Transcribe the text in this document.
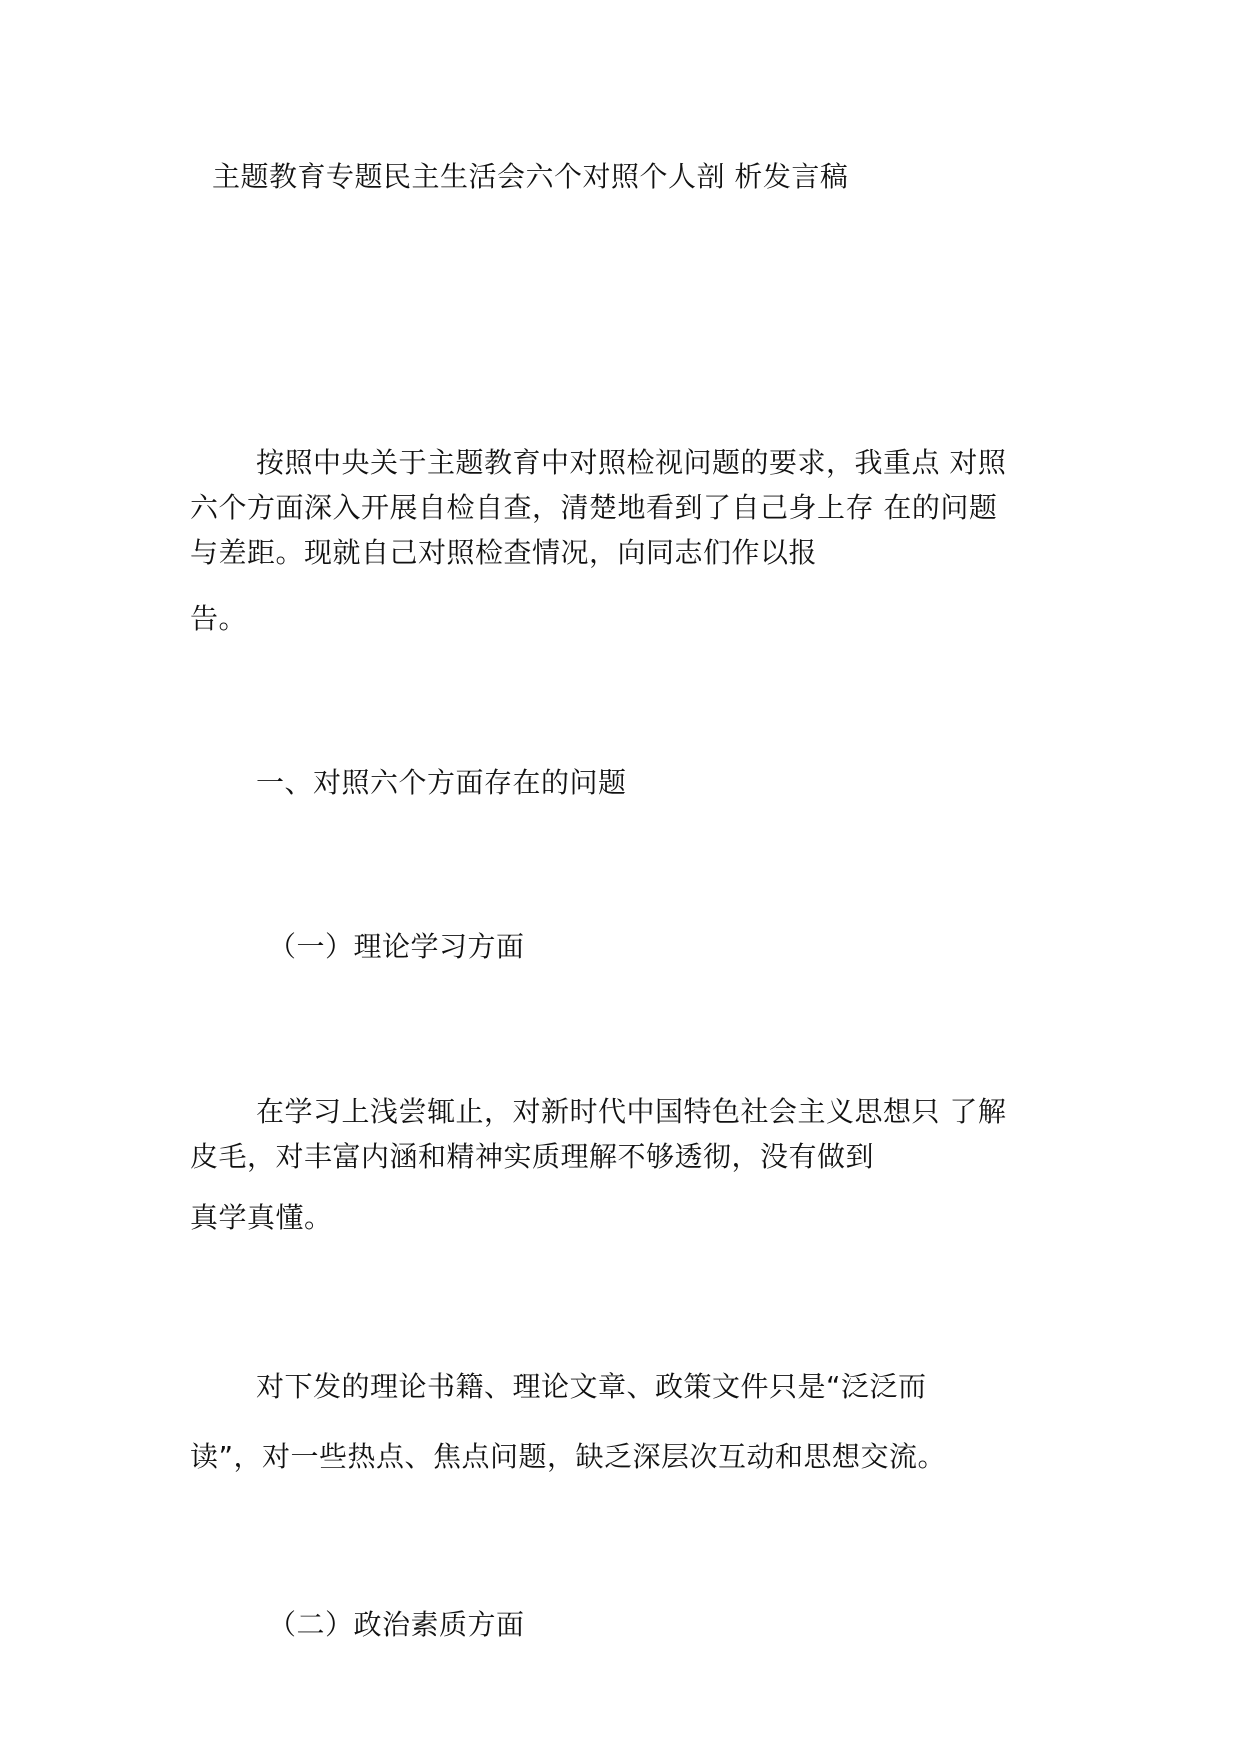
主题教育专题民主生活会六个对照个人剖 析发言稿
按照中央关于主题教育中对照检视问题的要求，我重点 对照
六个方面深入开展自检自查，清楚地看到了自己身上存 在的问题
与差距。现就自己对照检查情况，向同志们作以报
告。
一、对照六个方面存在的问题
（一）理论学习方面
在学习上浅尝辄止，对新时代中国特色社会主义思想只 了解
皮毛，对丰富内涵和精神实质理解不够透彻，没有做到
真学真懂。
对下发的理论书籍、理论文章、政策文件只是“泛泛而
读”，对一些热点、焦点问题，缺乏深层次互动和思想交流。
（二）政治素质方面
